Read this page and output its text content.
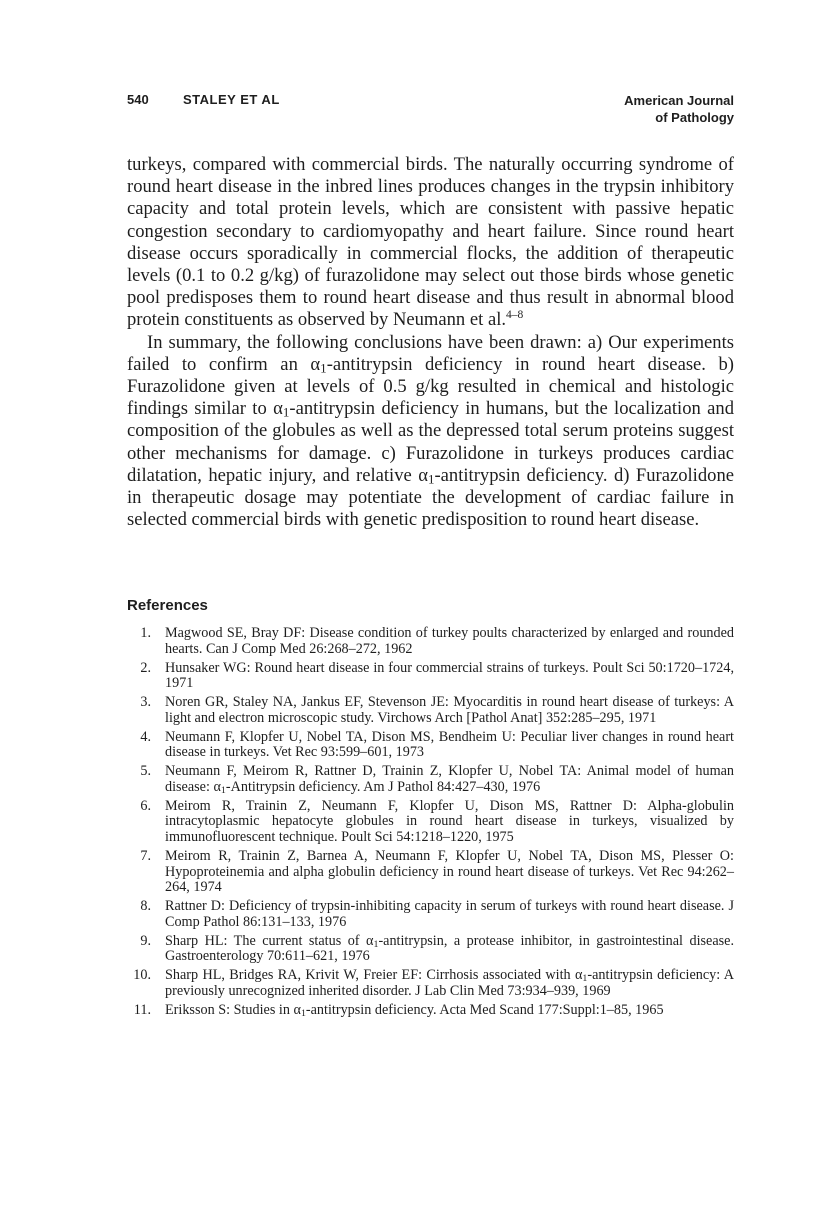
540	STALEY ET AL	American Journal
of Pathology

turkeys, compared with commercial birds. The naturally occurring syndrome of round heart disease in the inbred lines produces changes in the trypsin inhibitory capacity and total protein levels, which are consistent with passive hepatic congestion secondary to cardiomyopathy and heart failure. Since round heart disease occurs sporadically in commercial flocks, the addition of therapeutic levels (0.1 to 0.2 g/kg) of furazolidone may select out those birds whose genetic pool predisposes them to round heart disease and thus result in abnormal blood protein constituents as observed by Neumann et al.$^{4-8}$

In summary, the following conclusions have been drawn: a) Our experiments failed to confirm an $\alpha_1$-antitrypsin deficiency in round heart disease. b) Furazolidone given at levels of 0.5 g/kg resulted in chemical and histologic findings similar to $\alpha_1$-antitrypsin deficiency in humans, but the localization and composition of the globules as well as the depressed total serum proteins suggest other mechanisms for damage. c) Furazolidone in turkeys produces cardiac dilatation, hepatic injury, and relative $\alpha_1$-antitrypsin deficiency. d) Furazolidone in therapeutic dosage may potentiate the development of cardiac failure in selected commercial birds with genetic predisposition to round heart disease.

References
1. Magwood SE, Bray DF: Disease condition of turkey poults characterized by enlarged and rounded hearts. Can J Comp Med 26:268–272, 1962
2. Hunsaker WG: Round heart disease in four commercial strains of turkeys. Poult Sci 50:1720–1724, 1971
3. Noren GR, Staley NA, Jankus EF, Stevenson JE: Myocarditis in round heart disease of turkeys: A light and electron microscopic study. Virchows Arch [Pathol Anat] 352:285–295, 1971
4. Neumann F, Klopfer U, Nobel TA, Dison MS, Bendheim U: Peculiar liver changes in round heart disease in turkeys. Vet Rec 93:599–601, 1973
5. Neumann F, Meirom R, Rattner D, Trainin Z, Klopfer U, Nobel TA: Animal model of human disease: $\alpha_1$-Antitrypsin deficiency. Am J Pathol 84:427–430, 1976
6. Meirom R, Trainin Z, Neumann F, Klopfer U, Dison MS, Rattner D: Alpha-globulin intracytoplasmic hepatocyte globules in round heart disease in turkeys, visualized by immunofluorescent technique. Poult Sci 54:1218–1220, 1975
7. Meirom R, Trainin Z, Barnea A, Neumann F, Klopfer U, Nobel TA, Dison MS, Plesser O: Hypoproteinemia and alpha globulin deficiency in round heart disease of turkeys. Vet Rec 94:262–264, 1974
8. Rattner D: Deficiency of trypsin-inhibiting capacity in serum of turkeys with round heart disease. J Comp Pathol 86:131–133, 1976
9. Sharp HL: The current status of $\alpha_1$-antitrypsin, a protease inhibitor, in gastrointestinal disease. Gastroenterology 70:611–621, 1976
10. Sharp HL, Bridges RA, Krivit W, Freier EF: Cirrhosis associated with $\alpha_1$-antitrypsin deficiency: A previously unrecognized inherited disorder. J Lab Clin Med 73:934–939, 1969
11. Eriksson S: Studies in $\alpha_1$-antitrypsin deficiency. Acta Med Scand 177:Suppl:1–85, 1965
